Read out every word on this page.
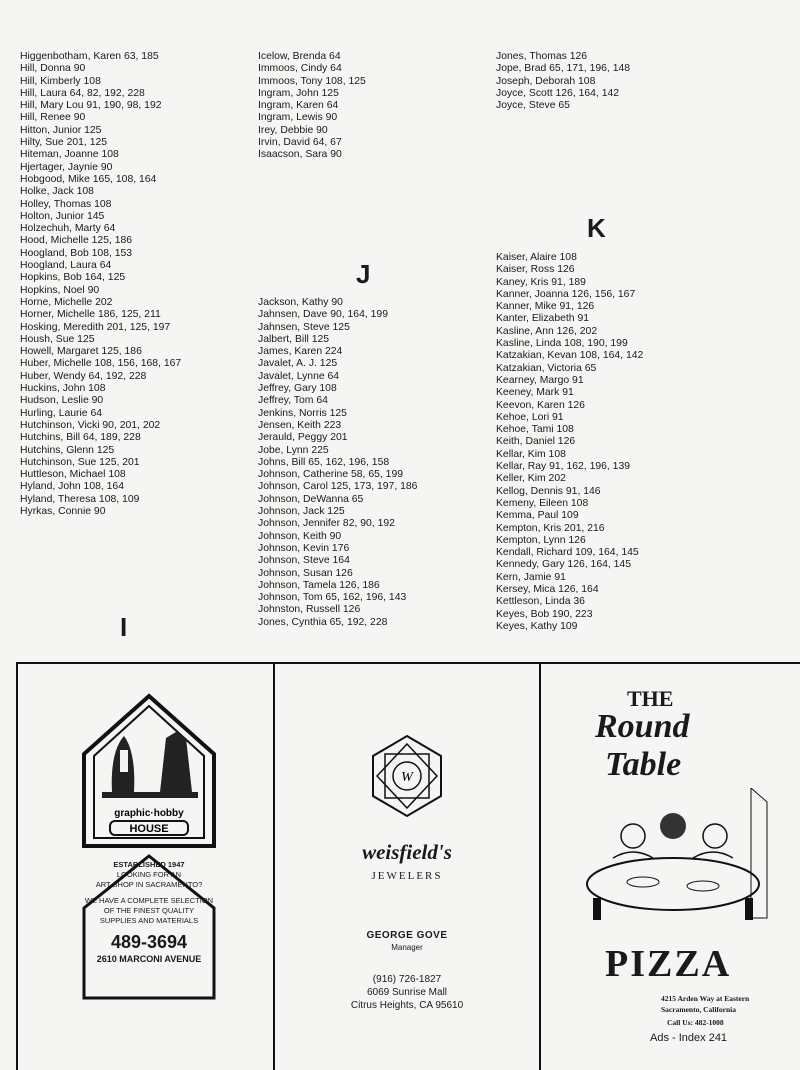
Higgenbotham, Karen 63, 185
Hill, Donna 90
Hill, Kimberly 108
Hill, Laura 64, 82, 192, 228
Hill, Mary Lou 91, 190, 98, 192
Hill, Renee 90
Hitton, Junior 125
Hilty, Sue 201, 125
Hiteman, Joanne 108
Hjertager, Jaynie 90
Hobgood, Mike 165, 108, 164
Holke, Jack 108
Holley, Thomas 108
Holton, Junior 145
Holzechuh, Marty 64
Hood, Michelle 125, 186
Hoogland, Bob 108, 153
Hoogland, Laura 64
Hopkins, Bob 164, 125
Hopkins, Noel 90
Horne, Michelle 202
Horner, Michelle 186, 125, 211
Hosking, Meredith 201, 125, 197
Housh, Sue 125
Howell, Margaret 125, 186
Huber, Michelle 108, 156, 168, 167
Huber, Wendy 64, 192, 228
Huckins, John 108
Hudson, Leslie 90
Hurling, Laurie 64
Hutchinson, Vicki 90, 201, 202
Hutchins, Bill 64, 189, 228
Hutchins, Glenn 125
Hutchinson, Sue 125, 201
Huttleson, Michael 108
Hyland, John 108, 164
Hyland, Theresa 108, 109
Hyrkas, Connie 90
Icelow, Brenda 64
Immoos, Cindy 64
Immoos, Tony 108, 125
Ingram, John 125
Ingram, Karen 64
Ingram, Lewis 90
Irey, Debbie 90
Irvin, David 64, 67
Isaacson, Sara 90
Jackson, Kathy 90
Jahnsen, Dave 90, 164, 199
Jahnsen, Steve 125
Jalbert, Bill 125
James, Karen 224
Javalet, A. J. 125
Javalet, Lynne 64
Jeffrey, Gary 108
Jeffrey, Tom 64
Jenkins, Norris 125
Jensen, Keith 223
Jerauld, Peggy 201
Jobe, Lynn 225
Johns, Bill 65, 162, 196, 158
Johnson, Catherine 58, 65, 199
Johnson, Carol 125, 173, 197, 186
Johnson, DeWanna 65
Johnson, Jack 125
Johnson, Jennifer 82, 90, 192
Johnson, Keith 90
Johnson, Kevin 176
Johnson, Steve 164
Johnson, Susan 126
Johnson, Tamela 126, 186
Johnson, Tom 65, 162, 196, 143
Johnston, Russell 126
Jones, Cynthia 65, 192, 228
Jones, Thomas 126
Jope, Brad 65, 171, 196, 148
Joseph, Deborah 108
Joyce, Scott 126, 164, 142
Joyce, Steve 65
Kaiser, Alaire 108
Kaiser, Ross 126
Kaney, Kris 91, 189
Kanner, Joanna 126, 156, 167
Kanner, Mike 91, 126
Kanter, Elizabeth 91
Kasline, Ann 126, 202
Kasline, Linda 108, 190, 199
Katzakian, Kevan 108, 164, 142
Katzakian, Victoria 65
Kearney, Margo 91
Keeney, Mark 91
Keevon, Karen 126
Kehoe, Lori 91
Kehoe, Tami 108
Keith, Daniel 126
Kellar, Kim 108
Kellar, Ray 91, 162, 196, 139
Keller, Kim 202
Kellog, Dennis 91, 146
Kemeny, Eileen 108
Kemma, Paul 109
Kempton, Kris 201, 216
Kempton, Lynn 126
Kendall, Richard 109, 164, 145
Kennedy, Gary 126, 164, 145
Kern, Jamie 91
Kersey, Mica 126, 164
Kettleson, Linda 36
Keyes, Bob 190, 223
Keyes, Kathy 109
I
J
K
graphic·hobby
HOUSE
ESTABLISHED 1947
LOOKING FOR AN
ART SHOP IN SACRAMENTO?
WE HAVE A COMPLETE SELECTION
OF THE FINEST QUALITY
SUPPLIES AND MATERIALS
489-3694
2610 MARCONI AVENUE
W
weisfield's
JEWELERS
GEORGE GOVE
Manager
(916) 726-1827
6069 Sunrise Mall
Citrus Heights, CA 95610
THE
Round
Table
PIZZA
4215 Arden Way at Eastern
Sacramento, California
Call Us: 482-1008
Ads - Index 241
